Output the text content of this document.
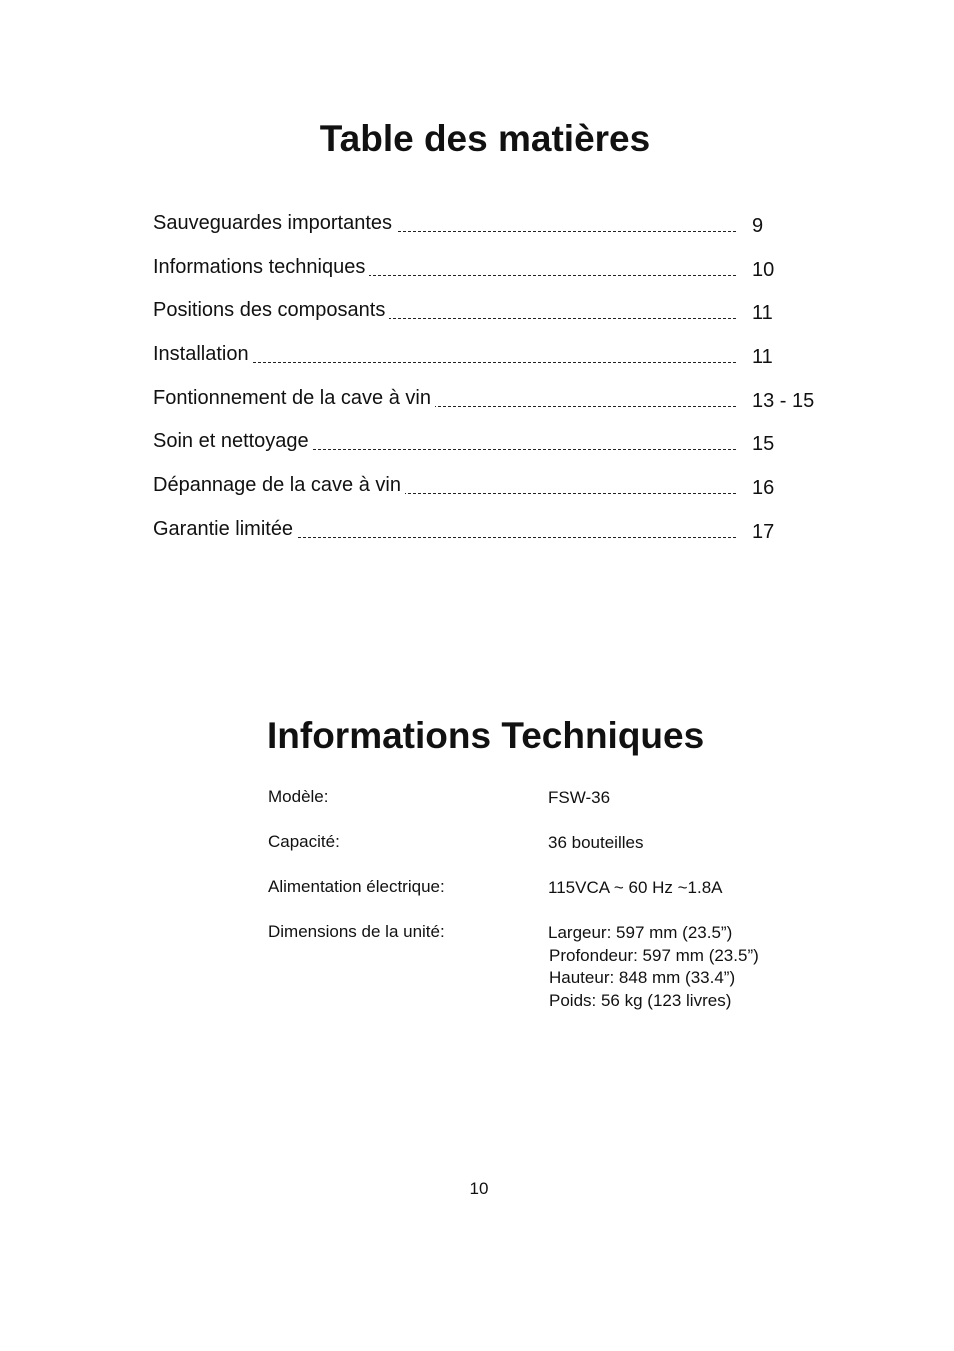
Table des matières
Sauveguardes importantes	9
Informations techniques	10
Positions des composants	11
Installation	11
Fontionnement de la cave à vin	13 - 15
Soin et nettoyage	15
Dépannage de la cave à vin	16
Garantie limitée	17
Informations Techniques
Modèle:	FSW-36
Capacité:	36 bouteilles
Alimentation électrique:	115VCA ~ 60 Hz ~1.8A
Dimensions de la unité:	Largeur: 597 mm (23.5”)
Profondeur: 597 mm (23.5”)
Hauteur: 848 mm (33.4”)
Poids: 56 kg (123 livres)
10
